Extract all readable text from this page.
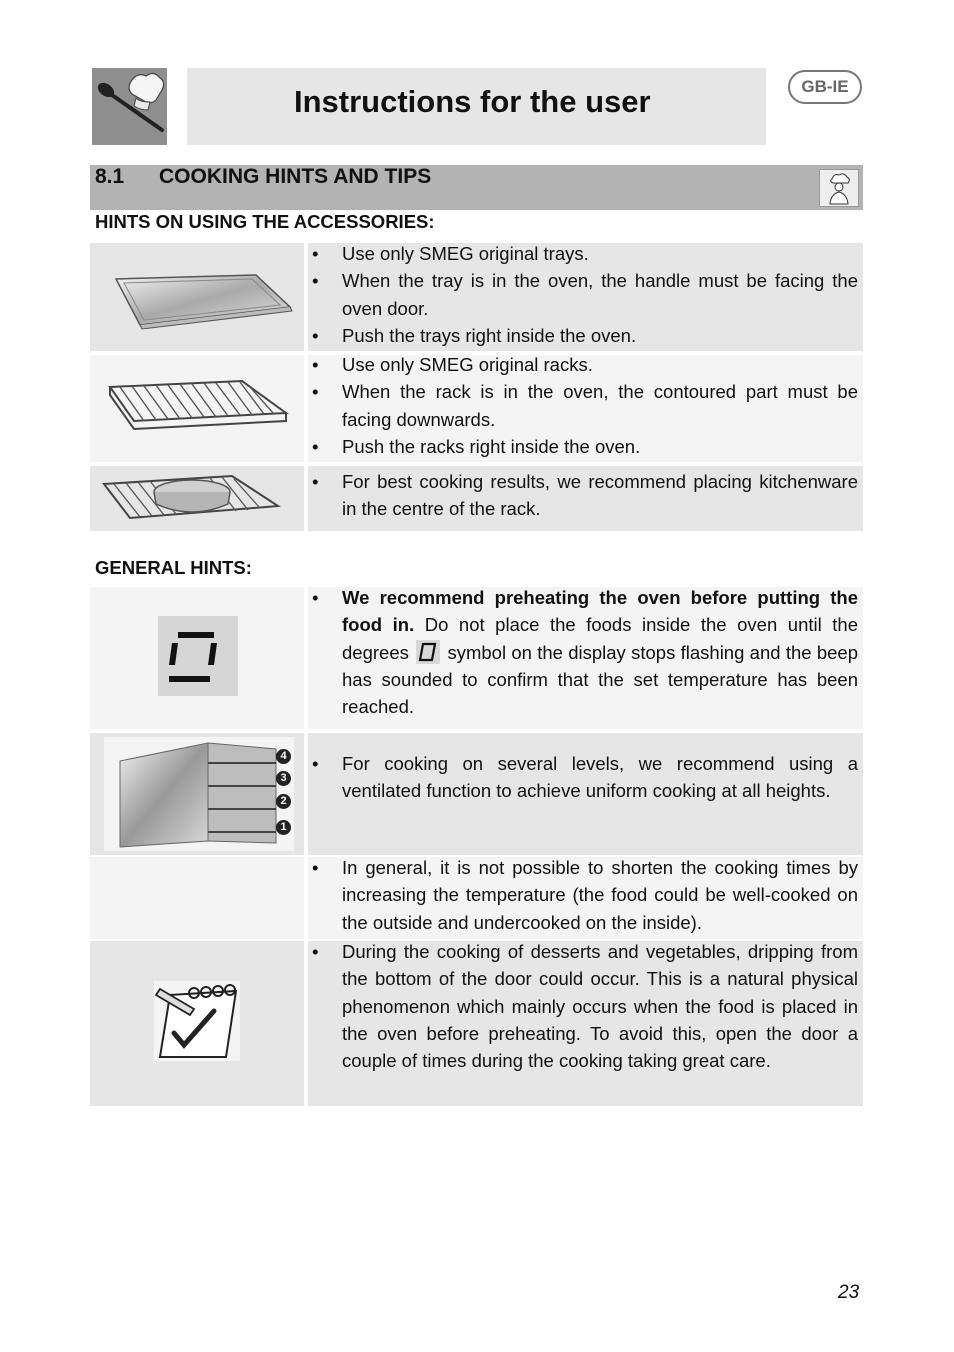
Instructions for the user	GB-IE
8.1 COOKING HINTS AND TIPS
HINTS ON USING THE ACCESSORIES:
• Use only SMEG original trays.
• When the tray is in the oven, the handle must be facing the oven door.
• Push the trays right inside the oven.
• Use only SMEG original racks.
• When the rack is in the oven, the contoured part must be facing downwards.
• Push the racks right inside the oven.
• For best cooking results, we recommend placing kitchenware in the centre of the rack.
GENERAL HINTS:
• We recommend preheating the oven before putting the food in. Do not place the foods inside the oven until the degrees  symbol on the display stops flashing and the beep has sounded to confirm that the set temperature has been reached.
4
3
2
1
• For cooking on several levels, we recommend using a ventilated function to achieve uniform cooking at all heights.
• In general, it is not possible to shorten the cooking times by increasing the temperature (the food could be well-cooked on the outside and undercooked on the inside).
• During the cooking of desserts and vegetables, dripping from the bottom of the door could occur. This is a natural physical phenomenon which mainly occurs when the food is placed in the oven before preheating. To avoid this, open the door a couple of times during the cooking taking great care.
23
